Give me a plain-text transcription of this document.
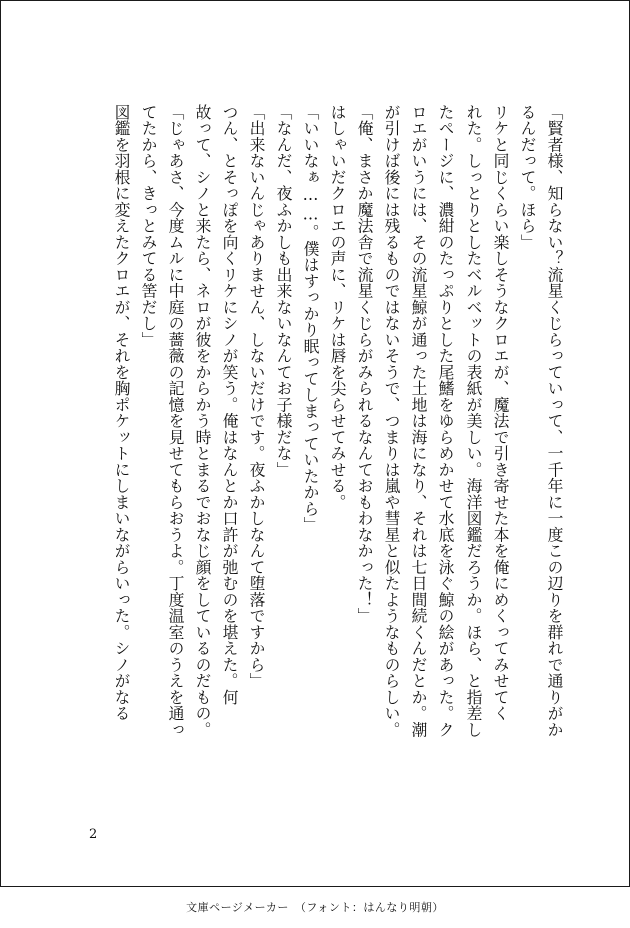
「賢者様、知らない？流星くじらっていって、一千年に一度この辺りを群れで通りがか
るんだって。ほら」
リケと同じくらい楽しそうなクロエが、魔法で引き寄せた本を俺にめくってみせてく
れた。しっとりとしたベルベットの表紙が美しい。海洋図鑑だろうか。ほら、と指差し
たページに、濃紺のたっぷりとした尾鰭をゆらめかせて水底を泳ぐ鯨の絵があった。ク
ロエがいうには、その流星鯨が通った土地は海になり、それは七日間続くんだとか。潮
が引けば後には残るものではないそうで、つまりは嵐や彗星と似たようなものらしい。
「俺、まさか魔法舎で流星くじらがみられるなんておもわなかった！」
はしゃいだクロエの声に、リケは唇を尖らせてみせる。
「いいなぁ……。僕はすっかり眠ってしまっていたから」
「なんだ、夜ふかしも出来ないなんてお子様だな」
「出来ないんじゃありません、しないだけです。夜ふかしなんて堕落ですから」
つん、とそっぽを向くリケにシノが笑う。俺はなんとか口許が弛むのを堪えた。何
故って、シノと来たら、ネロが彼をからかう時とまるでおなじ顔をしているのだもの。
「じゃあさ、今度ムルに中庭の薔薇の記憶を見せてもらおうよ。丁度温室のうえを通っ
てたから、きっとみてる筈だし」
図鑑を羽根に変えたクロエが、それを胸ポケットにしまいながらいった。シノがなる
2
文庫ページメーカー　（フォント：はんなり明朝）
